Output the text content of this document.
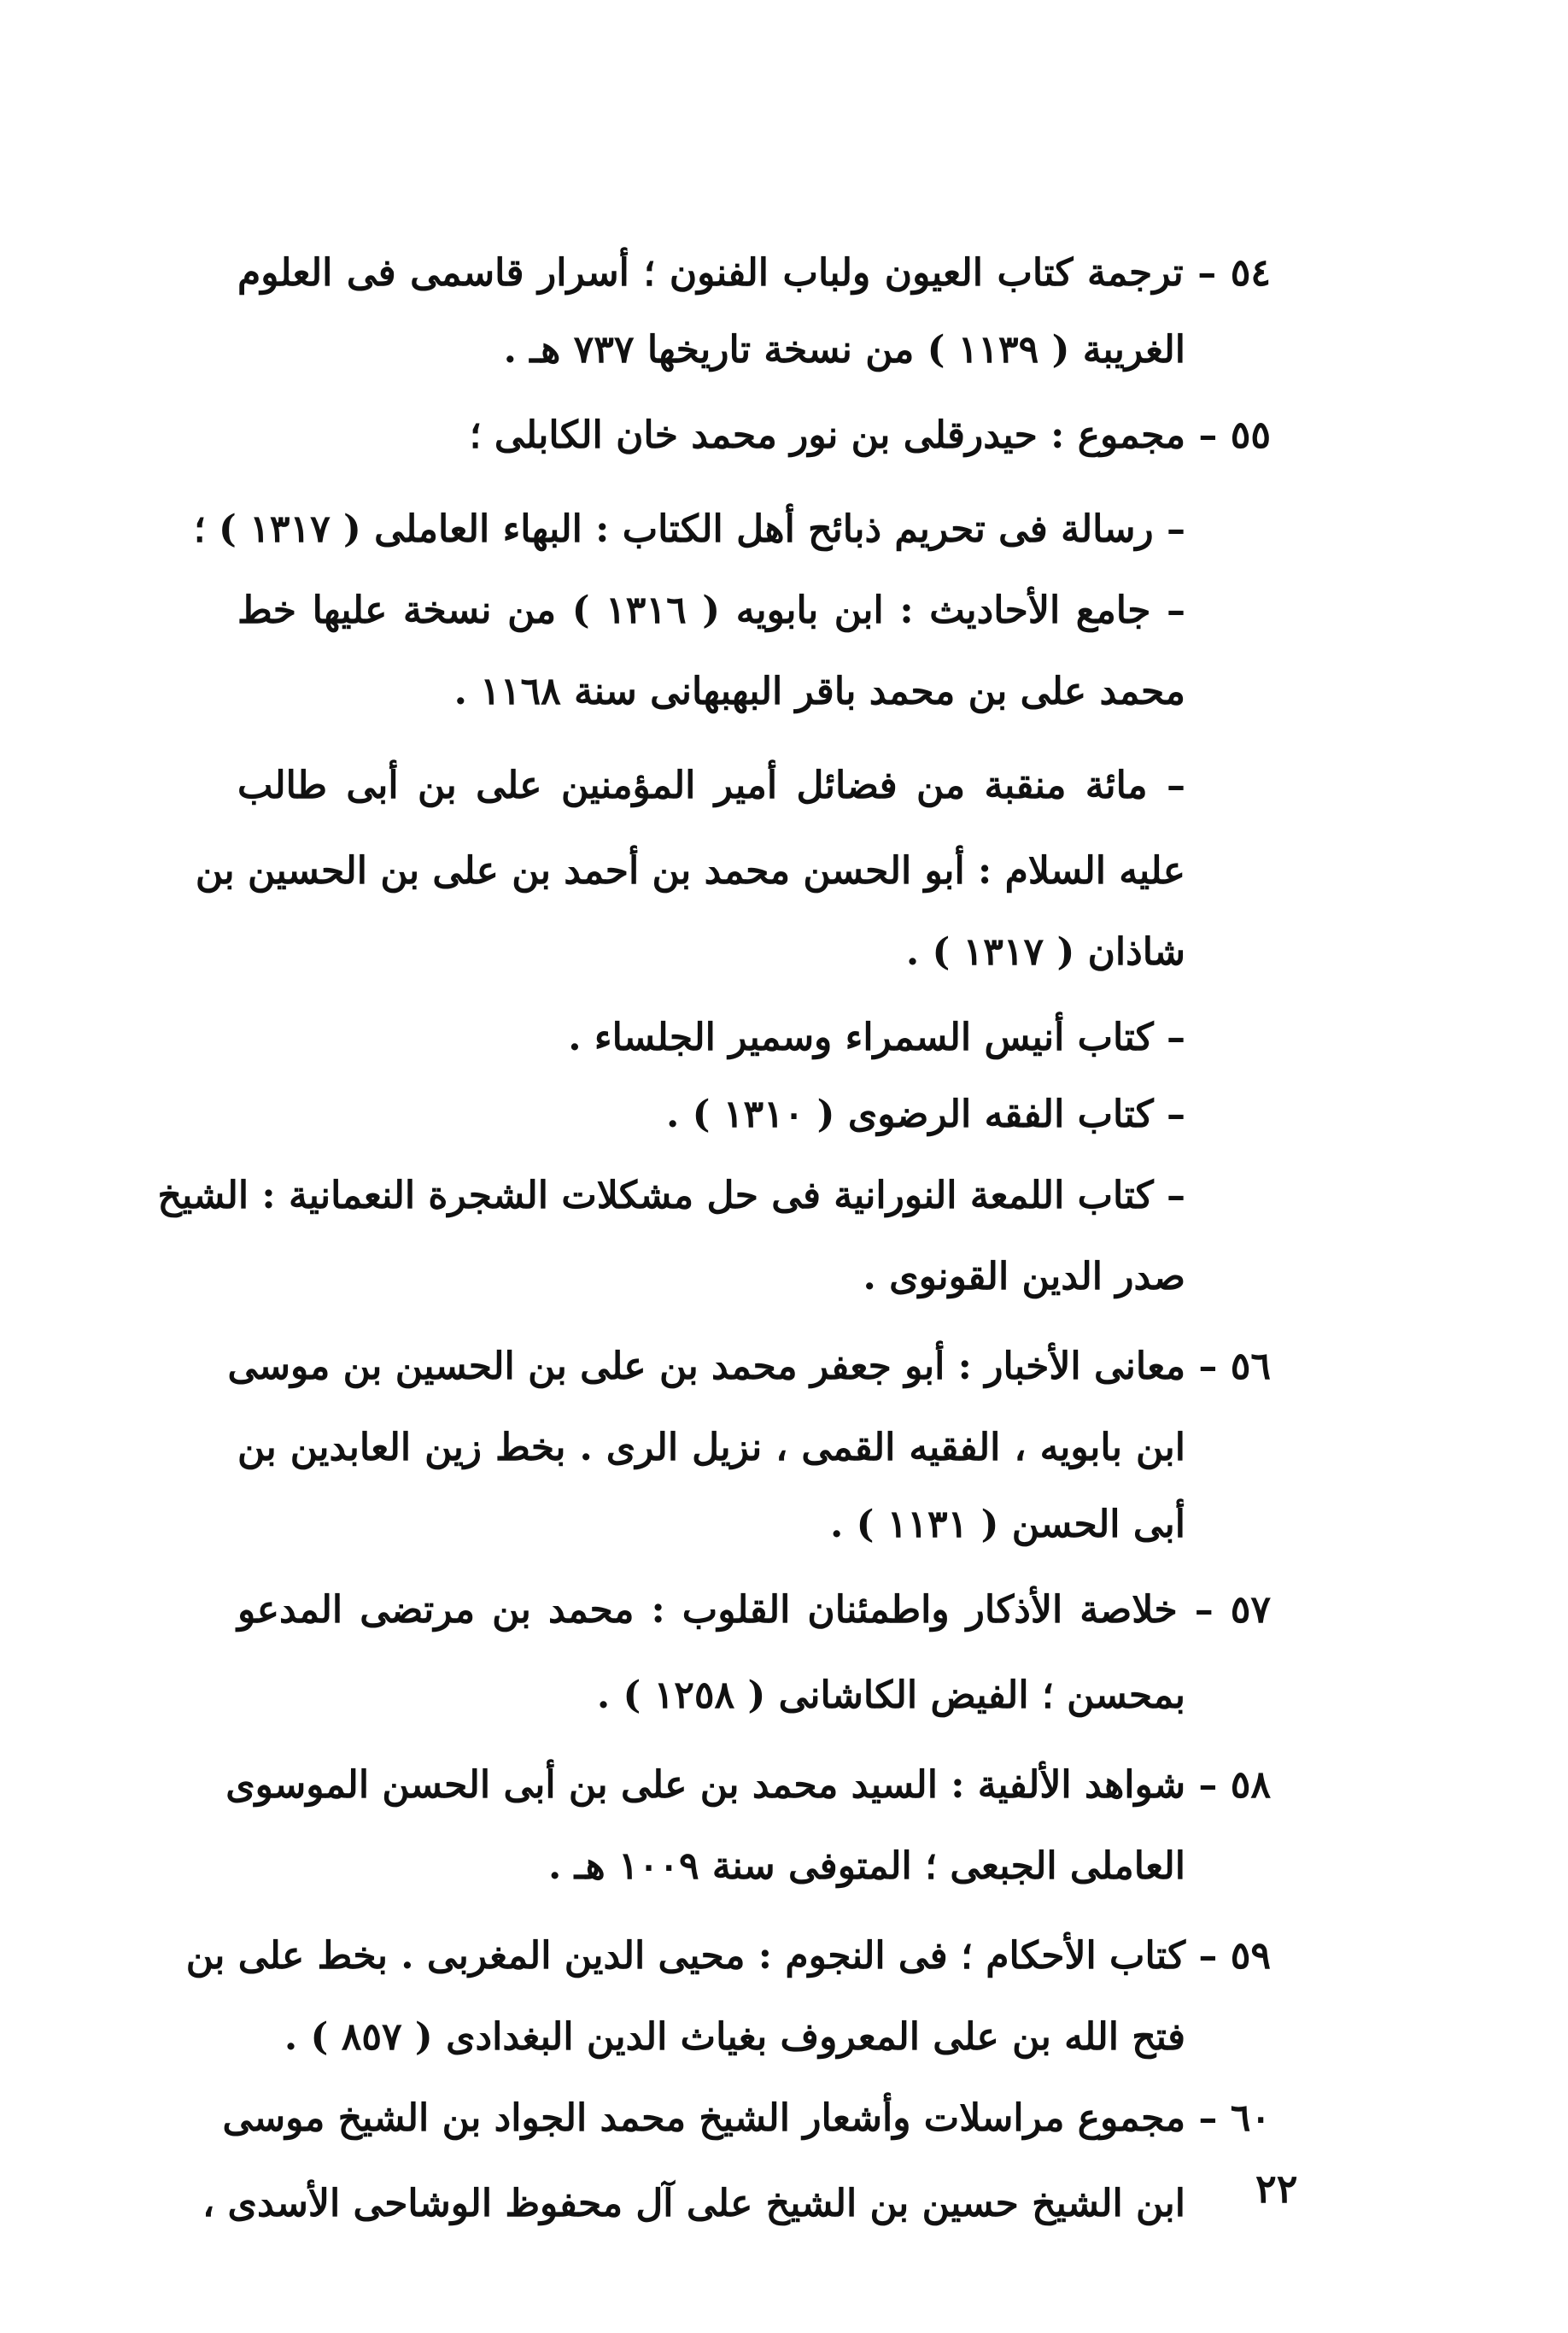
٥٤ – ترجمة كتاب العيون ولباب الفنون ؛ أسرار قاسمى فى العلوم
الغريبة ( ١١٣٩ ) من نسخة تاريخها ٧٣٧ هـ .
٥٥ – مجموع : حيدرقلى بن نور محمد خان الكابلى ؛
– رسالة فى تحريم ذبائح أهل الكتاب : البهاء العاملى ( ١٣١٧ ) ؛
– جامع الأحاديث : ابن بابويه ( ١٣١٦ ) من نسخة عليها خط
محمد على بن محمد باقر البهبهانى سنة ١١٦٨ .
– مائة منقبة من فضائل أمير المؤمنين على بن أبى طالب
عليه السلام : أبو الحسن محمد بن أحمد بن على بن الحسين بن
شاذان ( ١٣١٧ ) .
– كتاب أنيس السمراء وسمير الجلساء .
– كتاب الفقه الرضوى ( ١٣١٠ ) .
– كتاب اللمعة النورانية فى حل مشكلات الشجرة النعمانية : الشيخ
صدر الدين القونوى .
٥٦ – معانى الأخبار : أبو جعفر محمد بن على بن الحسين بن موسى
ابن بابويه ، الفقيه القمى ، نزيل الرى . بخط زين العابدين بن
أبى الحسن ( ١١٣١ ) .
٥٧ – خلاصة الأذكار واطمئنان القلوب : محمد بن مرتضى المدعو
بمحسن ؛ الفيض الكاشانى ( ١٢٥٨ ) .
٥٨ – شواهد الألفية : السيد محمد بن على بن أبى الحسن الموسوى
العاملى الجبعى ؛ المتوفى سنة ١٠٠٩ هـ .
٥٩ – كتاب الأحكام ؛ فى النجوم : محيى الدين المغربى . بخط على بن
فتح الله بن على المعروف بغياث الدين البغدادى ( ٨٥٧ ) .
٦٠ – مجموع مراسلات وأشعار الشيخ محمد الجواد بن الشيخ موسى
ابن الشيخ حسين بن الشيخ على آل محفوظ الوشاحى الأسدى ، ٢٢
